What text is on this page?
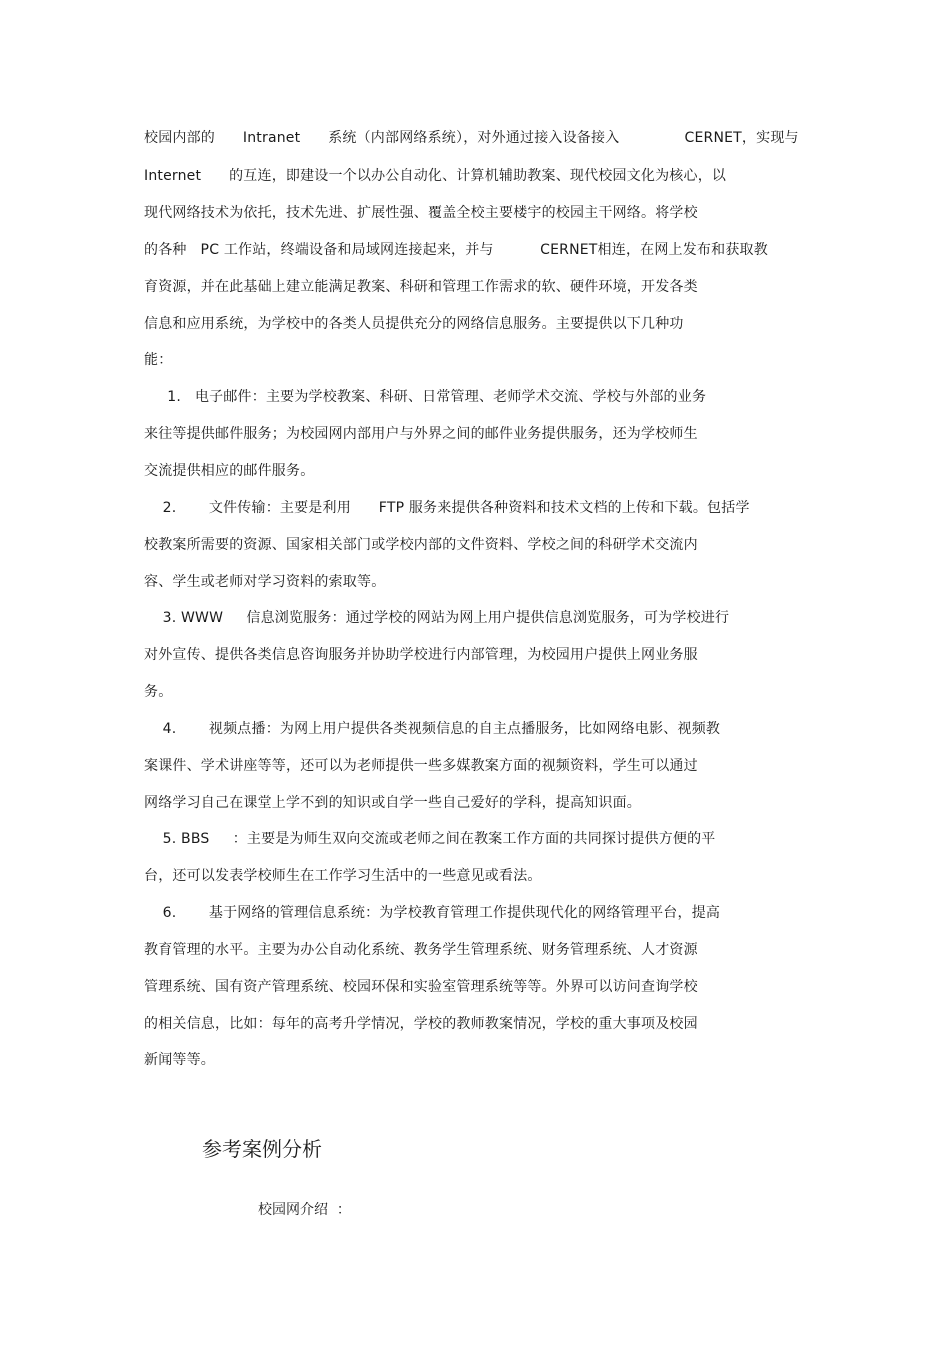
校园内部的      Intranet      系统（内部网络系统），对外通过接入设备接入              CERNET，实现与
Internet      的互连，即建设一个以办公自动化、计算机辅助教案、现代校园文化为核心，以
现代网络技术为依托，技术先进、扩展性强、覆盖全校主要楼宇的校园主干网络。将学校
的各种   PC 工作站，终端设备和局域网连接起来，并与          CERNET相连，在网上发布和获取教
育资源，并在此基础上建立能满足教案、科研和管理工作需求的软、硬件环境，开发各类
信息和应用系统，为学校中的各类人员提供充分的网络信息服务。主要提供以下几种功
能：
1.   电子邮件：主要为学校教案、科研、日常管理、老师学术交流、学校与外部的业务
来往等提供邮件服务；为校园网内部用户与外界之间的邮件业务提供服务，还为学校师生
交流提供相应的邮件服务。
2.       文件传输：主要是利用      FTP 服务来提供各种资料和技术文档的上传和下载。包括学
校教案所需要的资源、国家相关部门或学校内部的文件资料、学校之间的科研学术交流内
容、学生或老师对学习资料的索取等。
3. WWW     信息浏览服务：通过学校的网站为网上用户提供信息浏览服务，可为学校进行
对外宣传、提供各类信息咨询服务并协助学校进行内部管理，为校园用户提供上网业务服
务。
4.       视频点播：为网上用户提供各类视频信息的自主点播服务，比如网络电影、视频教
案课件、学术讲座等等，还可以为老师提供一些多媒教案方面的视频资料，学生可以通过
网络学习自己在课堂上学不到的知识或自学一些自己爱好的学科，提高知识面。
5. BBS     ：主要是为师生双向交流或老师之间在教案工作方面的共同探讨提供方便的平
台，还可以发表学校师生在工作学习生活中的一些意见或看法。
6.       基于网络的管理信息系统：为学校教育管理工作提供现代化的网络管理平台，提高
教育管理的水平。主要为办公自动化系统、教务学生管理系统、财务管理系统、人才资源
管理系统、国有资产管理系统、校园环保和实验室管理系统等等。外界可以访问查询学校
的相关信息，比如：每年的高考升学情况，学校的教师教案情况，学校的重大事项及校园
新闻等等。
参考案例分析
校园网介绍  ：
